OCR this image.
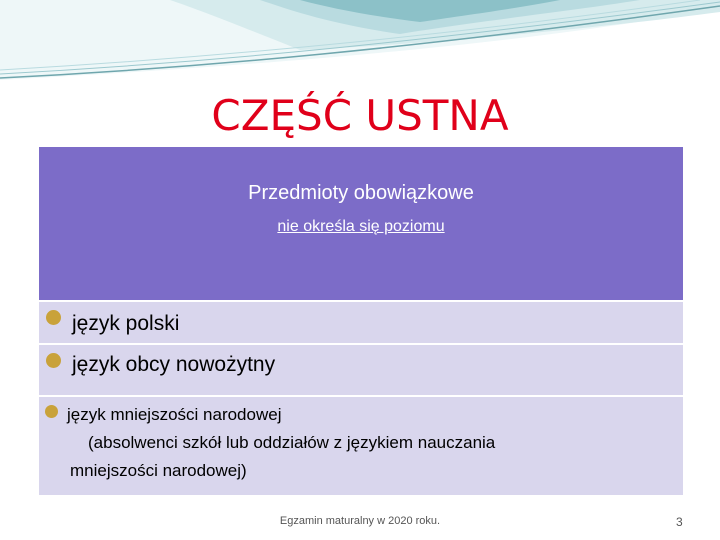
CZĘŚĆ USTNA
Przedmioty obowiązkowe
nie określa się poziomu
język polski
język obcy nowożytny
język mniejszości narodowej
(absolwenci szkół lub oddziałów z językiem nauczania
mniejszości narodowej)
Egzamin maturalny w 2020 roku.	3
